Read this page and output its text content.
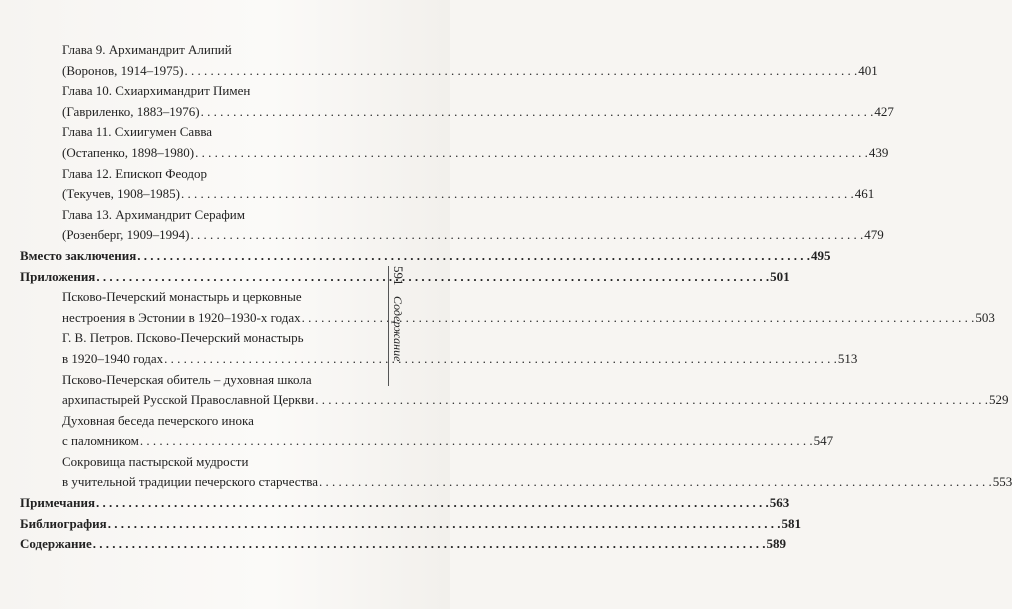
Глава 9. Архимандрит Алипий
(Воронов, 1914–1975) . . .	401
Глава 10. Схиархимандрит Пимен
(Гавриленко, 1883–1976) . . .	427
Глава 11. Схиигумен Савва
(Остапенко, 1898–1980) . . .	439
Глава 12. Епископ Феодор
(Текучев, 1908–1985) . . .	461
Глава 13. Архимандрит Серафим
(Розенберг, 1909–1994) . . .	479
Вместо заключения . . .	495
Приложения . . .	501
Псково-Печерский монастырь и церковные
нестроения в Эстонии в 1920–1930-х годах . . .	503
Г. В. Петров. Псково-Печерский монастырь
в 1920–1940 годах . . .	513
Псково-Печерская обитель – духовная школа
архипастырей Русской Православной Церкви . . .	529
Духовная беседа печерского инока
с паломником . . .	547
Сокровища пастырской мудрости
в учительной традиции печерского старчества . . .	553
Примечания . . .	563
Библиография . . .	581
Содержание . . .	589
591
Содержание
